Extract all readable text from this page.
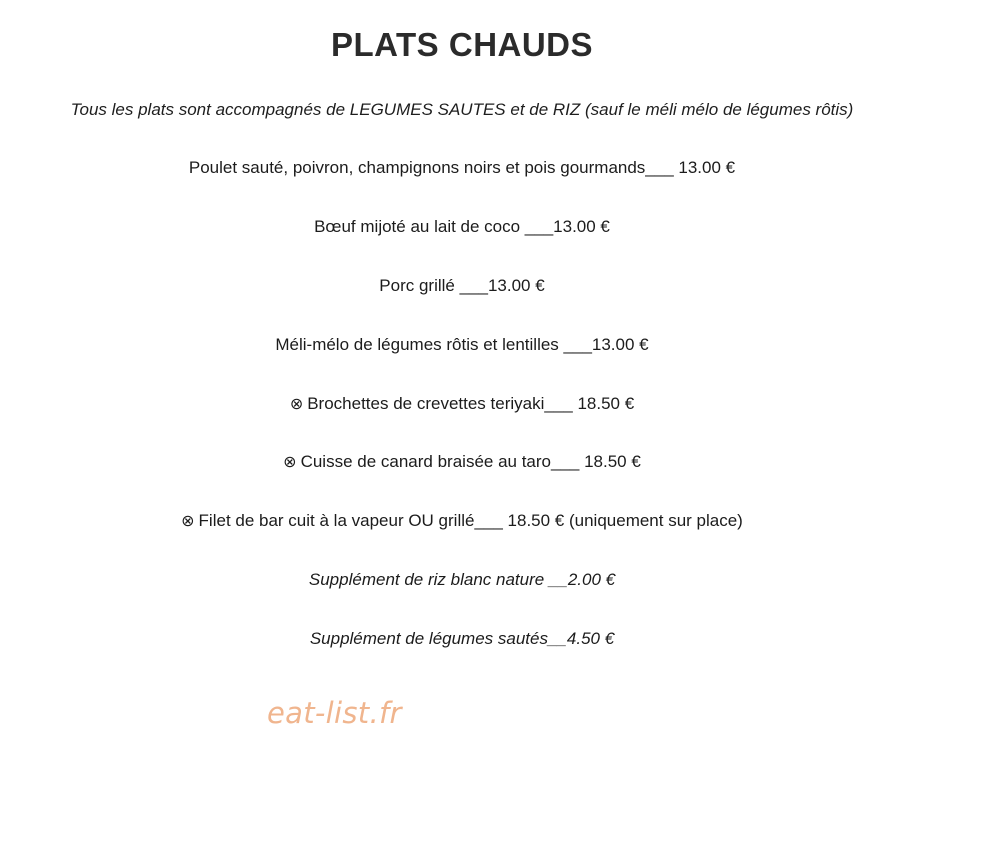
PLATS CHAUDS

Tous les plats sont accompagnés de LEGUMES SAUTES et de RIZ (sauf le méli mélo de légumes rôtis)

Poulet sauté, poivron, champignons noirs et pois gourmands___ 13.00 €
Bœuf mijoté au lait de coco ___13.00 €
Porc grillé ___13.00 €
Méli-mélo de légumes rôtis et lentilles ___13.00 €
⊗ Brochettes de crevettes teriyaki___ 18.50 €
⊗ Cuisse de canard braisée au taro___ 18.50 €
⊗ Filet de bar cuit à la vapeur OU grillé___ 18.50 € (uniquement sur place)
Supplément de riz blanc nature __2.00 €
Supplément de légumes sautés__4.50 €

eat-list.fr
